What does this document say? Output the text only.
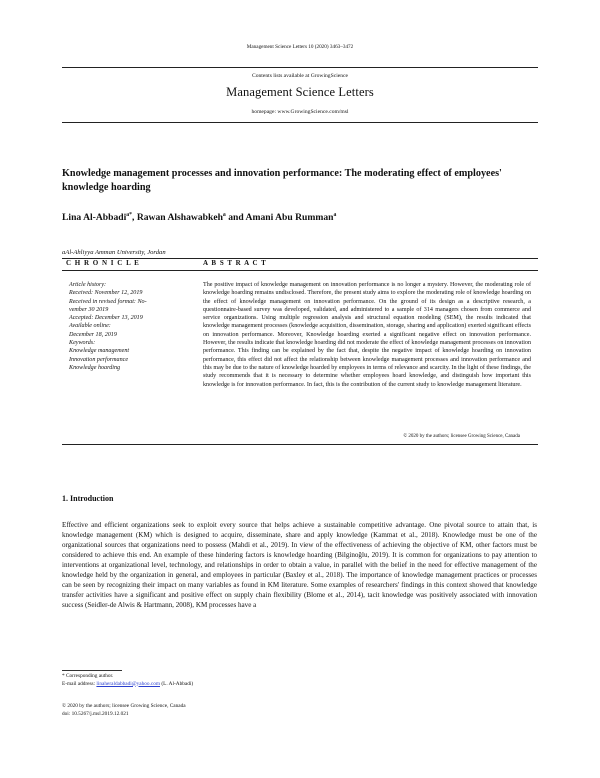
Management Science Letters 10 (2020) 3463–3472
Contents lists available at GrowingScience
Management Science Letters
homepage: www.GrowingScience.com/msl
Knowledge management processes and innovation performance: The moderating effect of employees' knowledge hoarding
Lina Al-Abbadi$^{a*}$, Rawan Alshawabkeh$^a$ and Amani Abu Rumman$^a$
aAl-Ahliyya Amman University, Jordan
C H R O N I C L E	A B S T R A C T
Article history:
Received: November 12, 2019
Received in revised format: No-
vember 30 2019
Accepted: December 13, 2019
Available online:
December 18, 2019
Keywords:
Knowledge management
Innovation performance
Knowledge hoarding
The positive impact of knowledge management on innovation performance is no longer a mystery. However, the moderating role of knowledge hoarding remains undisclosed. Therefore, the present study aims to explore the moderating role of knowledge hoarding on the effect of knowledge management on innovation performance. On the ground of its design as a descriptive research, a questionnaire-based survey was developed, validated, and administered to a sample of 314 managers chosen from commerce and service organizations. Using multiple regression analysis and structural equation modeling (SEM), the results indicated that knowledge management processes (knowledge acquisition, dissemination, storage, sharing and application) exerted significant effects on innovation performance. Moreover, Knowledge hoarding exerted a significant negative effect on innovation performance. However, the results indicate that knowledge hoarding did not moderate the effect of knowledge management processes on innovation performance. This finding can be explained by the fact that, despite the negative impact of knowledge hoarding on innovation performance, this effect did not affect the relationship between knowledge management processes and innovation performance and this may be due to the nature of knowledge hoarded by employees in terms of relevance and scarcity. In the light of these findings, the study recommends that it is necessary to determine whether employees hoard knowledge, and distinguish how important this knowledge is for innovation performance. In fact, this is the contribution of the current study to knowledge management literature.
© 2020 by the authors; licensee Growing Science, Canada
1. Introduction
Effective and efficient organizations seek to exploit every source that helps achieve a sustainable competitive advantage. One pivotal source to attain that, is knowledge management (KM) which is designed to acquire, disseminate, share and apply knowledge (Kammat et al., 2018). Knowledge must be one of the organizational sources that organizations need to possess (Mahdi et al., 2019). In view of the effectiveness of achieving the objective of KM, other factors must be considered to achieve this end. An example of these hindering factors is knowledge hoarding (Bilginoğlu, 2019). It is common for organizations to pay attention to interventions at organizational level, technology, and relationships in order to obtain a value, in parallel with the belief in the need for effective management of the knowledge held by the organization in general, and employees in particular (Baxley et al., 2018). The importance of knowledge management practices or processes can be seen by recognizing their impact on many variables as found in KM literature. Some examples of researchers' findings in this context showed that knowledge transfer activities have a significant and positive effect on supply chain flexibility (Blome et al., 2014), tacit knowledge was positively associated with innovation success (Seidler-de Alwis & Hartmann, 2008), KM processes have a
* Corresponding author.
E-mail address: linaheraldabbadi@yahoo.com (L. Al-Abbadi)
© 2020 by the authors; licensee Growing Science, Canada
doi: 10.5267/j.msl.2019.12.021
